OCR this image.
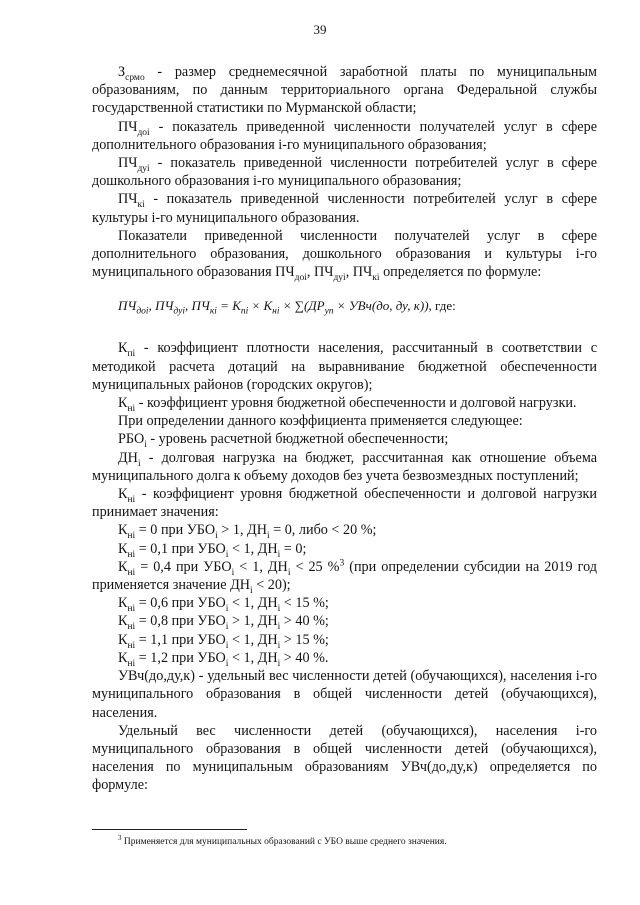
39

$З_{срмо}$ - размер среднемесячной заработной платы по муниципальным образованиям, по данным территориального органа Федеральной службы государственной статистики по Мурманской области;

$ПЧ_{доi}$ - показатель приведенной численности получателей услуг в сфере дополнительного образования i-го муниципального образования;

$ПЧ_{дуi}$ - показатель приведенной численности потребителей услуг в сфере дошкольного образования i-го муниципального образования;

$ПЧ_{кi}$ - показатель приведенной численности потребителей услуг в сфере культуры i-го муниципального образования.

Показатели приведенной численности получателей услуг в сфере дополнительного образования, дошкольного образования и культуры i-го муниципального образования $ПЧ_{доi}$, $ПЧ_{дуi}$, $ПЧ_{кi}$ определяется по формуле:

$ПЧ_{доi}$, $ПЧ_{дуi}$, $ПЧ_{кi} = К_{пi} \times К_{нi} \times \sum(ДР_{уп} \times УВч(до$, ду, к)), где:

$К_{пi}$ - коэффициент плотности населения, рассчитанный в соответствии с методикой расчета дотаций на выравнивание бюджетной обеспеченности муниципальных районов (городских округов);

$К_{нi}$ - коэффициент уровня бюджетной обеспеченности и долговой нагрузки.

При определении данного коэффициента применяется следующее:

$РБО_i$ - уровень расчетной бюджетной обеспеченности;

$ДН_i$ - долговая нагрузка на бюджет, рассчитанная как отношение объема муниципального долга к объему доходов без учета безвозмездных поступлений;

$К_{нi}$ - коэффициент уровня бюджетной обеспеченности и долговой нагрузки принимает значения:

$К_{нi} = 0$ при $УБО_i > 1$, $ДН_i = 0$, либо < 20 %;

$К_{нi} = 0,1$ при $УБО_i < 1$, $ДН_i = 0$;

$К_{нi} = 0,4$ при $УБО_i < 1$, $ДН_i < 25$ %$^3$ (при определении субсидии на 2019 год применяется значение $ДН_i < 20$);

$К_{нi} = 0,6$ при $УБО_i < 1$, $ДН_i < 15$ %;

$К_{нi} = 0,8$ при $УБО_i > 1$, $ДН_i > 40$ %;

$К_{нi} = 1,1$ при $УБО_i < 1$, $ДН_i > 15$ %;

$К_{нi} = 1,2$ при $УБО_i < 1$, $ДН_i > 40$ %.

УВч(до,ду,к) - удельный вес численности детей (обучающихся), населения i-го муниципального образования в общей численности детей (обучающихся), населения.

Удельный вес численности детей (обучающихся), населения i-го муниципального образования в общей численности детей (обучающихся), населения по муниципальным образованиям УВч(до,ду,к) определяется по формуле:

$^3$ Применяется для муниципальных образований с УБО выше среднего значения.
